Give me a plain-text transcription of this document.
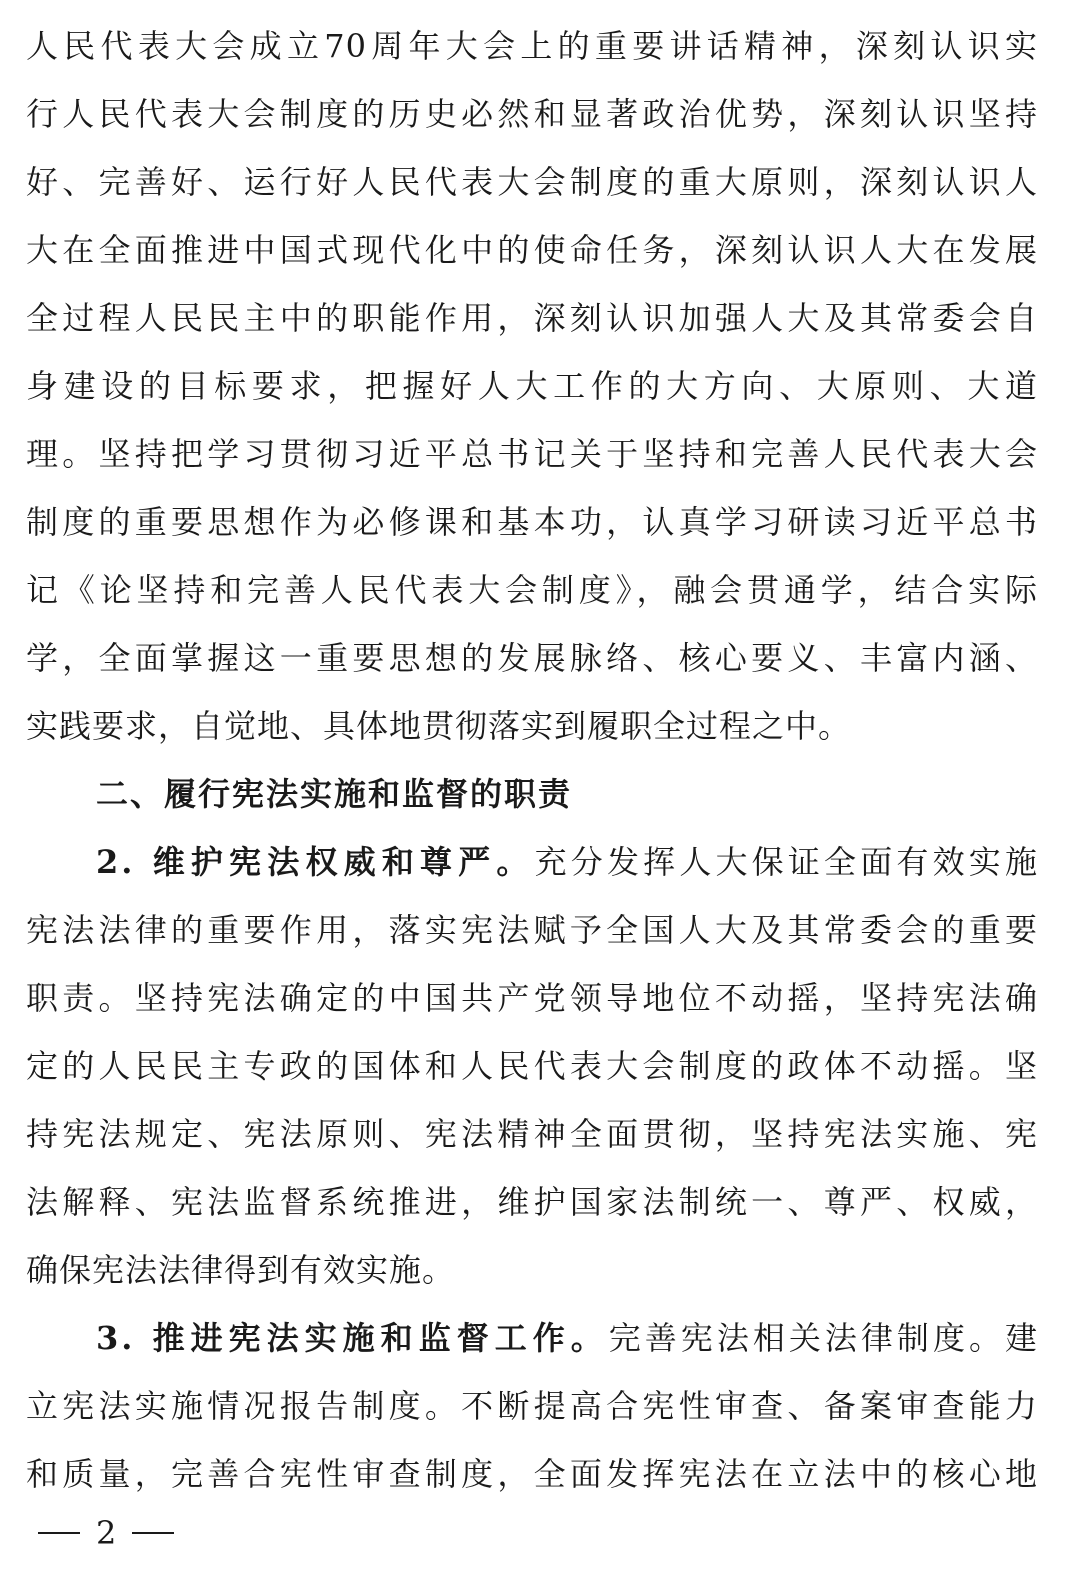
人民代表大会成立70周年大会上的重要讲话精神，深刻认识实
行人民代表大会制度的历史必然和显著政治优势，深刻认识坚持
好、完善好、运行好人民代表大会制度的重大原则，深刻认识人
大在全面推进中国式现代化中的使命任务，深刻认识人大在发展
全过程人民民主中的职能作用，深刻认识加强人大及其常委会自
身建设的目标要求，把握好人大工作的大方向、大原则、大道
理。坚持把学习贯彻习近平总书记关于坚持和完善人民代表大会
制度的重要思想作为必修课和基本功，认真学习研读习近平总书
记《论坚持和完善人民代表大会制度》，融会贯通学，结合实际
学，全面掌握这一重要思想的发展脉络、核心要义、丰富内涵、
实践要求，自觉地、具体地贯彻落实到履职全过程之中。
二、履行宪法实施和监督的职责
2. 维护宪法权威和尊严。充分发挥人大保证全面有效实施
宪法法律的重要作用，落实宪法赋予全国人大及其常委会的重要
职责。坚持宪法确定的中国共产党领导地位不动摇，坚持宪法确
定的人民民主专政的国体和人民代表大会制度的政体不动摇。坚
持宪法规定、宪法原则、宪法精神全面贯彻，坚持宪法实施、宪
法解释、宪法监督系统推进，维护国家法制统一、尊严、权威，
确保宪法法律得到有效实施。
3. 推进宪法实施和监督工作。完善宪法相关法律制度。建
立宪法实施情况报告制度。不断提高合宪性审查、备案审查能力
和质量，完善合宪性审查制度，全面发挥宪法在立法中的核心地
2
